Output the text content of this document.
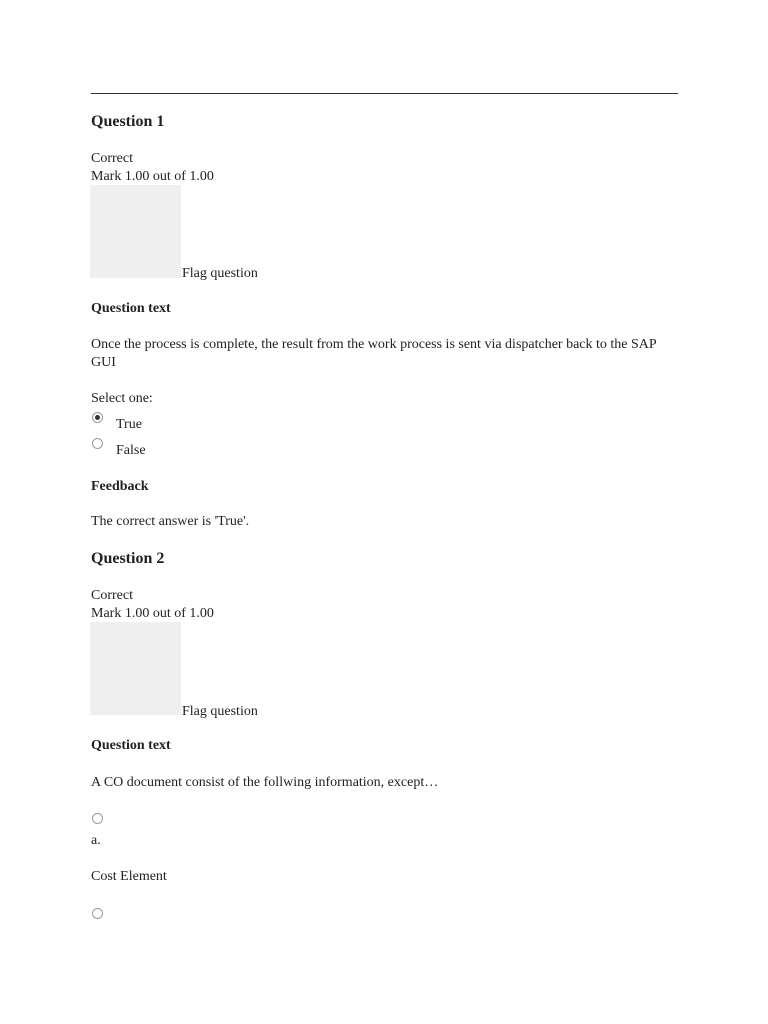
Question 1
Correct
Mark 1.00 out of 1.00
Flag question
Question text
Once the process is complete, the result from the work process is sent via dispatcher back to the SAP GUI
Select one:
True
False
Feedback
The correct answer is 'True'.
Question 2
Correct
Mark 1.00 out of 1.00
Flag question
Question text
A CO document consist of the follwing information, except…
a.
Cost Element
